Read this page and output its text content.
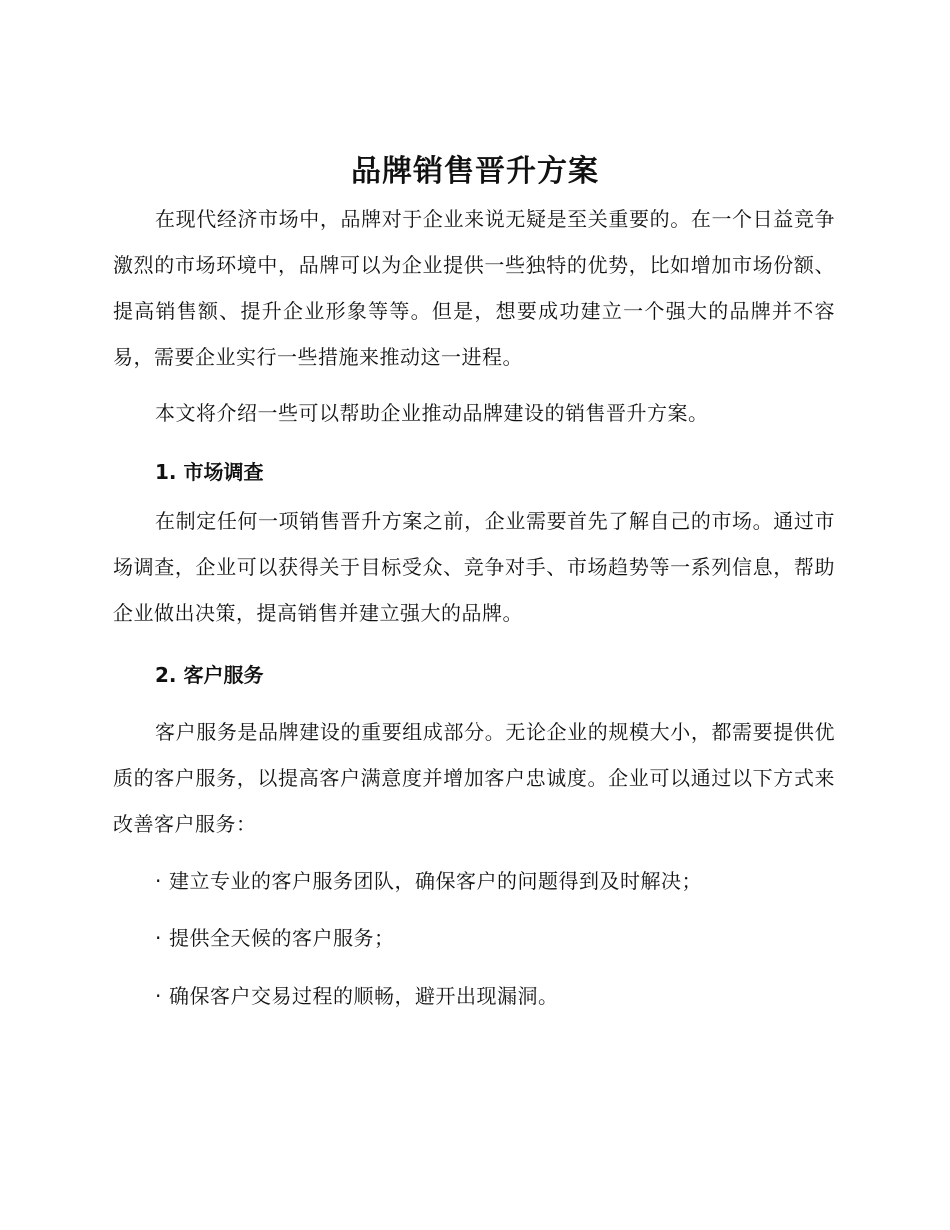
品牌销售晋升方案

在现代经济市场中，品牌对于企业来说无疑是至关重要的。在一个日益竞争激烈的市场环境中，品牌可以为企业提供一些独特的优势，比如增加市场份额、提高销售额、提升企业形象等等。但是，想要成功建立一个强大的品牌并不容易，需要企业实行一些措施来推动这一进程。

本文将介绍一些可以帮助企业推动品牌建设的销售晋升方案。

1. 市场调查

在制定任何一项销售晋升方案之前，企业需要首先了解自己的市场。通过市场调查，企业可以获得关于目标受众、竞争对手、市场趋势等一系列信息，帮助企业做出决策，提高销售并建立强大的品牌。

2. 客户服务

客户服务是品牌建设的重要组成部分。无论企业的规模大小，都需要提供优质的客户服务，以提高客户满意度并增加客户忠诚度。企业可以通过以下方式来改善客户服务：

· 建立专业的客户服务团队，确保客户的问题得到及时解决；

· 提供全天候的客户服务；

· 确保客户交易过程的顺畅，避开出现漏洞。
